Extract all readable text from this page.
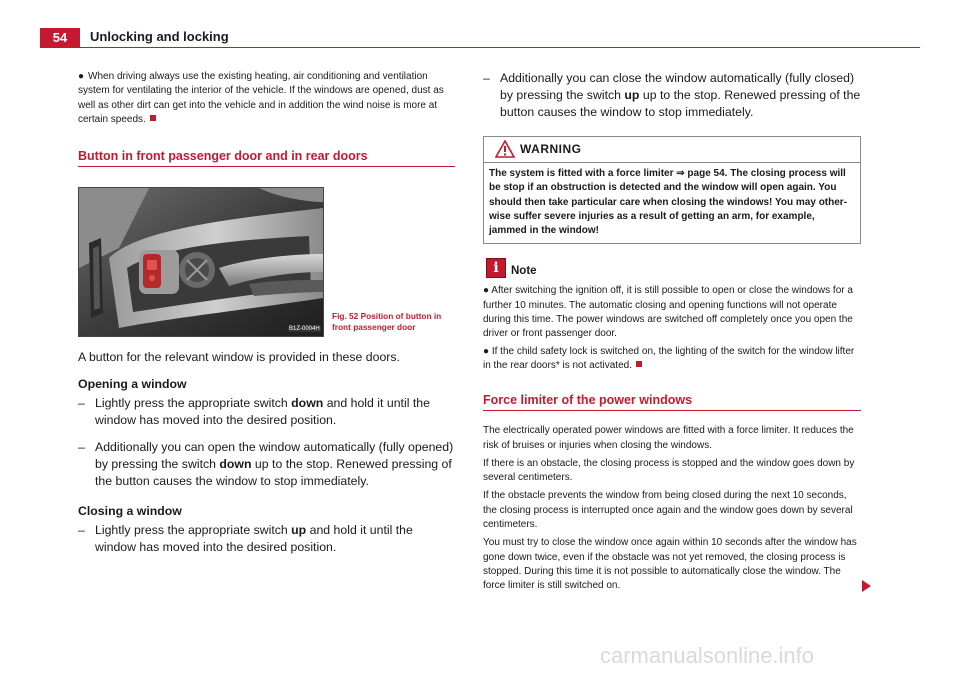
54	Unlocking and locking

● When driving always use the existing heating, air conditioning and ventilation system for ventilating the interior of the vehicle. If the windows are opened, dust as well as other dirt can get into the vehicle and in addition the wind noise is more at certain speeds.

Button in front passenger door and in rear doors
Fig. 52 Position of button in
front passenger door
B1Z-0004H

A button for the relevant window is provided in these doors.

Opening a window

– Lightly press the appropriate switch down and hold it until the window has moved into the desired position.
– Additionally you can open the window automatically (fully opened) by pressing the switch down up to the stop. Renewed pressing of the button causes the window to stop immediately.

Closing a window

– Lightly press the appropriate switch up and hold it until the window has moved into the desired position.
– Additionally you can close the window automatically (fully closed) by pressing the switch up up to the stop. Renewed pressing of the button causes the window to stop immediately.
WARNING
The system is fitted with a force limiter ⇒ page 54. The closing process will be stop if an obstruction is detected and the window will open again. You should then take particular care when closing the windows! You may other-wise suffer severe injuries as a result of getting an arm, for example, jammed in the window!
i	Note

● After switching the ignition off, it is still possible to open or close the windows for a further 10 minutes. The automatic closing and opening functions will not operate during this time. The power windows are switched off completely once you open the driver or front passenger door.

● If the child safety lock is switched on, the lighting of the switch for the window lifter in the rear doors* is not activated.

Force limiter of the power windows

The electrically operated power windows are fitted with a force limiter. It reduces the risk of bruises or injuries when closing the windows.

If there is an obstacle, the closing process is stopped and the window goes down by several centimeters.

If the obstacle prevents the window from being closed during the next 10 seconds, the closing process is interrupted once again and the window goes down by several centimeters.

You must try to close the window once again within 10 seconds after the window has gone down twice, even if the obstacle was not yet removed, the closing process is stopped. During this time it is not possible to automatically close the window. The force limiter is still switched on.

carmanualsonline.info
